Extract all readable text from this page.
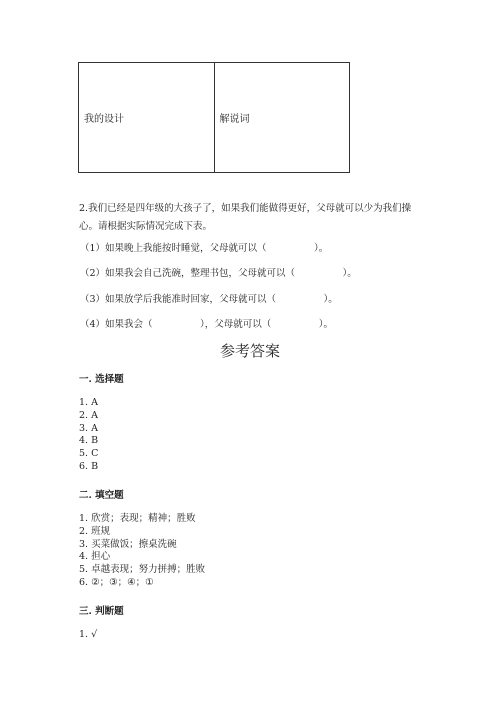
我的设计	解说词
2.我们已经是四年级的大孩子了，如果我们能做得更好，父母就可以少为我们操心。请根据实际情况完成下表。
（1）如果晚上我能按时睡觉，父母就可以（　　　　　）。
（2）如果我会自己洗碗，整理书包，父母就可以（　　　　　）。
（3）如果放学后我能准时回家，父母就可以（　　　　　）。
（4）如果我会（　　　　　），父母就可以（　　　　　）。
参考答案
一. 选择题
1. A
2. A
3. A
4. B
5. C
6. B
二. 填空题
1. 欣赏；表现；精神；胜败
2. 班规
3. 买菜做饭；擦桌洗碗
4. 担心
5. 卓越表现；努力拼搏；胜败
6. ②；③；④；①
三. 判断题
1. √
